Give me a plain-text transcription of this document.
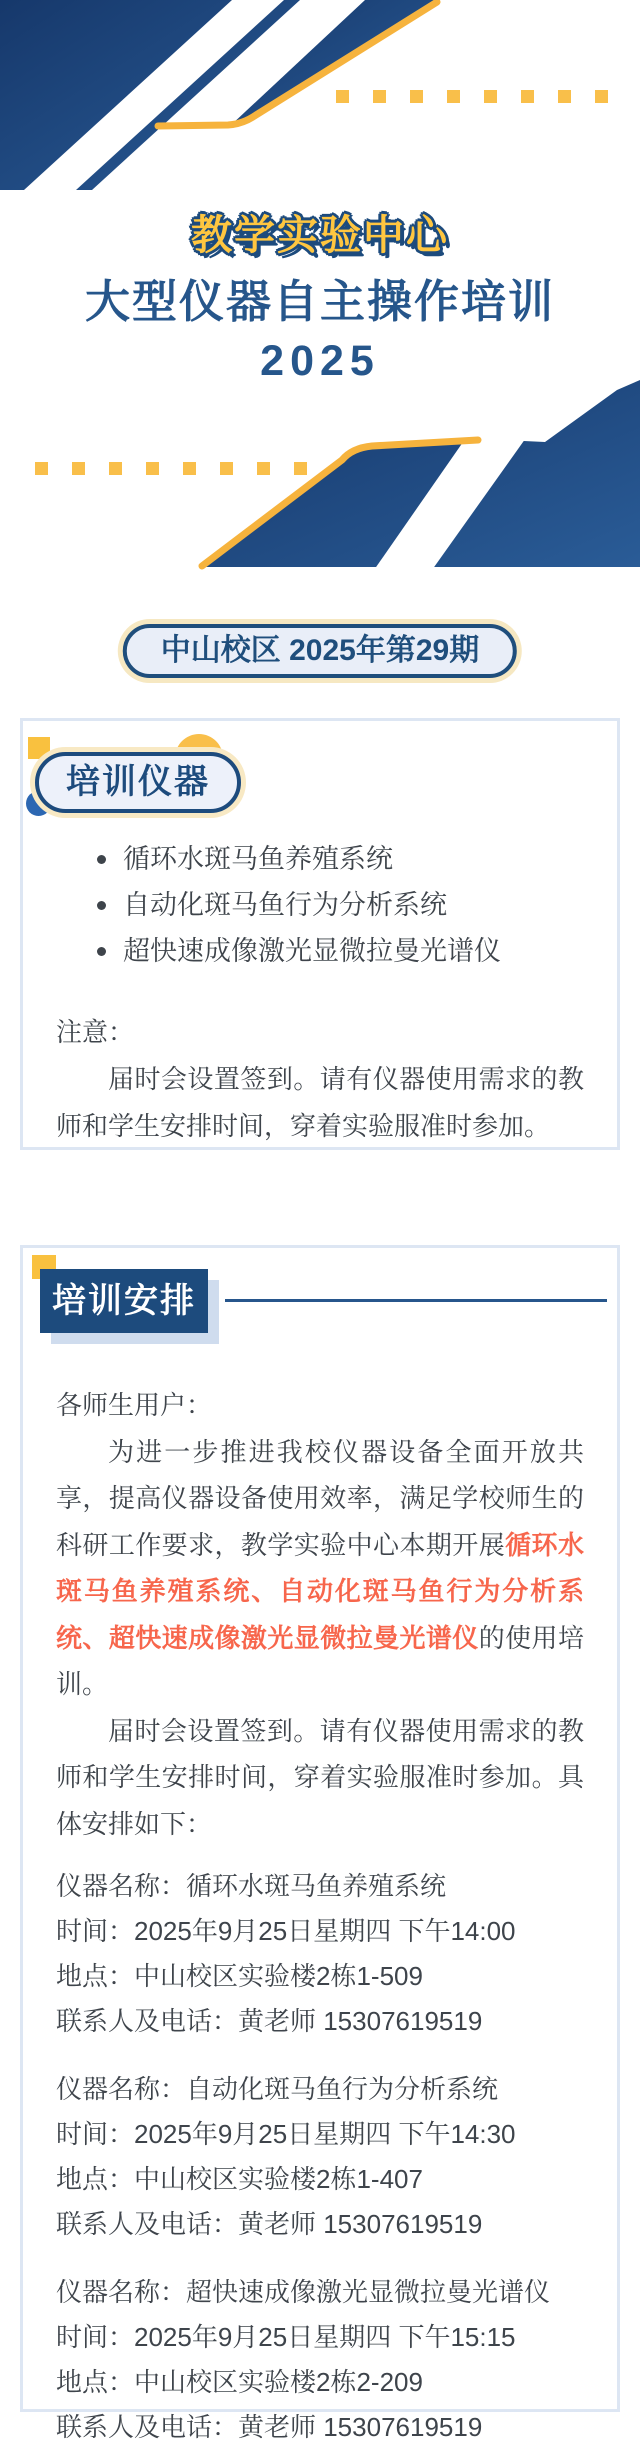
教学实验中心
大型仪器自主操作培训
2025
中山校区 2025年第29期
培训仪器
循环水斑马鱼养殖系统
自动化斑马鱼行为分析系统
超快速成像激光显微拉曼光谱仪

注意：

届时会设置签到。请有仪器使用需求的教师和学生安排时间，穿着实验服准时参加。

培训安排

各师生用户：

为进一步推进我校仪器设备全面开放共享，提高仪器设备使用效率，满足学校师生的科研工作要求，教学实验中心本期开展循环水斑马鱼养殖系统、自动化斑马鱼行为分析系统、超快速成像激光显微拉曼光谱仪的使用培训。

届时会设置签到。请有仪器使用需求的教师和学生安排时间，穿着实验服准时参加。具体安排如下：

仪器名称：循环水斑马鱼养殖系统

时间：2025年9月25日星期四 下午14:00

地点：中山校区实验楼2栋1-509

联系人及电话：黄老师 15307619519

仪器名称：自动化斑马鱼行为分析系统

时间：2025年9月25日星期四 下午14:30

地点：中山校区实验楼2栋1-407

联系人及电话：黄老师 15307619519

仪器名称：超快速成像激光显微拉曼光谱仪

时间：2025年9月25日星期四 下午15:15

地点：中山校区实验楼2栋2-209

联系人及电话：黄老师 15307619519
